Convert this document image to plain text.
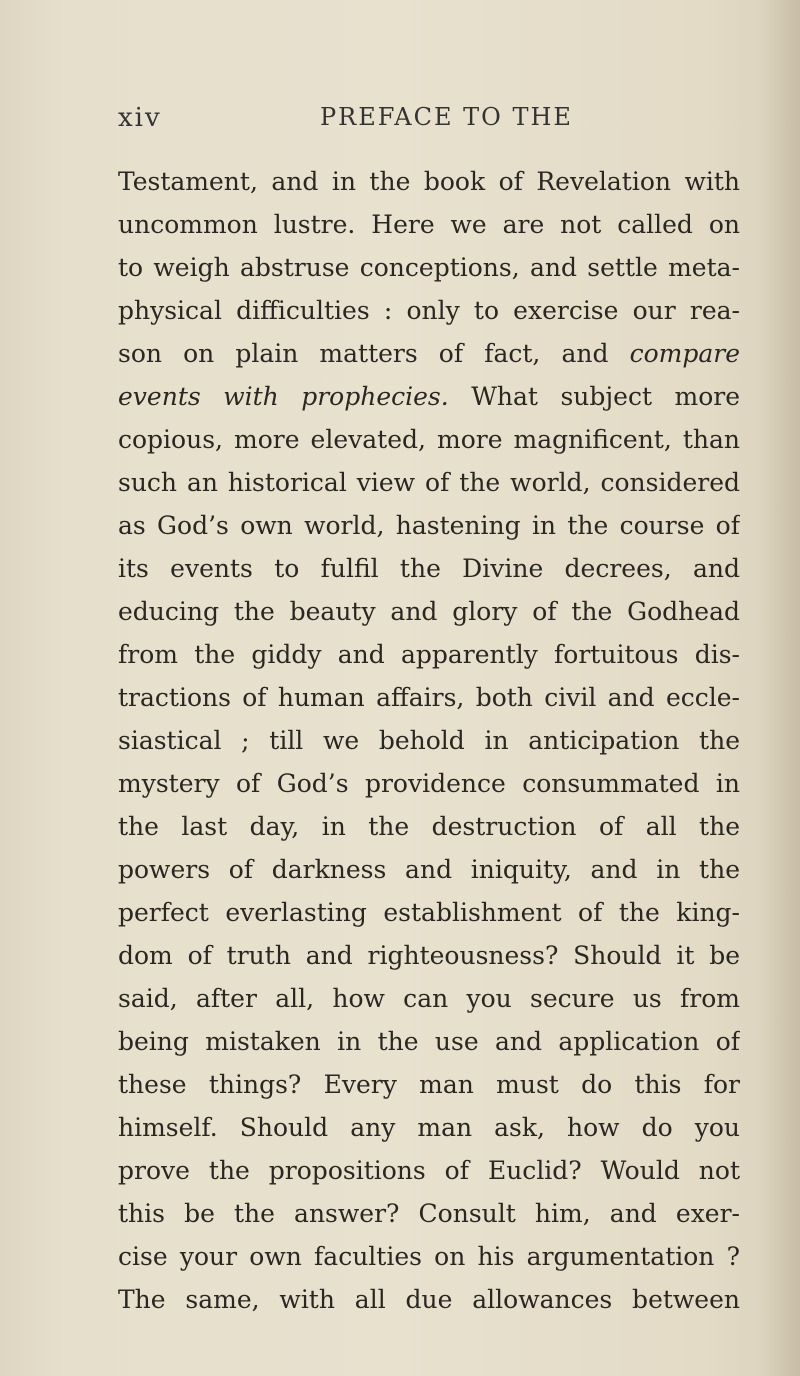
xiv	PREFACE TO THE
Testament, and in the book of Revelation with
uncommon lustre. Here we are not called on
to weigh abstruse conceptions, and settle meta-
physical difficulties : only to exercise our rea-
son on plain matters of fact, and compare
events with prophecies. What subject more
copious, more elevated, more magnificent, than
such an historical view of the world, considered
as God’s own world, hastening in the course of
its events to fulfil the Divine decrees, and
educing the beauty and glory of the Godhead
from the giddy and apparently fortuitous dis-
tractions of human affairs, both civil and eccle-
siastical ; till we behold in anticipation the
mystery of God’s providence consummated in
the last day, in the destruction of all the
powers of darkness and iniquity, and in the
perfect everlasting establishment of the king-
dom of truth and righteousness? Should it be
said, after all, how can you secure us from
being mistaken in the use and application of
these things? Every man must do this for
himself. Should any man ask, how do you
prove the propositions of Euclid? Would not
this be the answer? Consult him, and exer-
cise your own faculties on his argumentation ?
The same, with all due allowances between
